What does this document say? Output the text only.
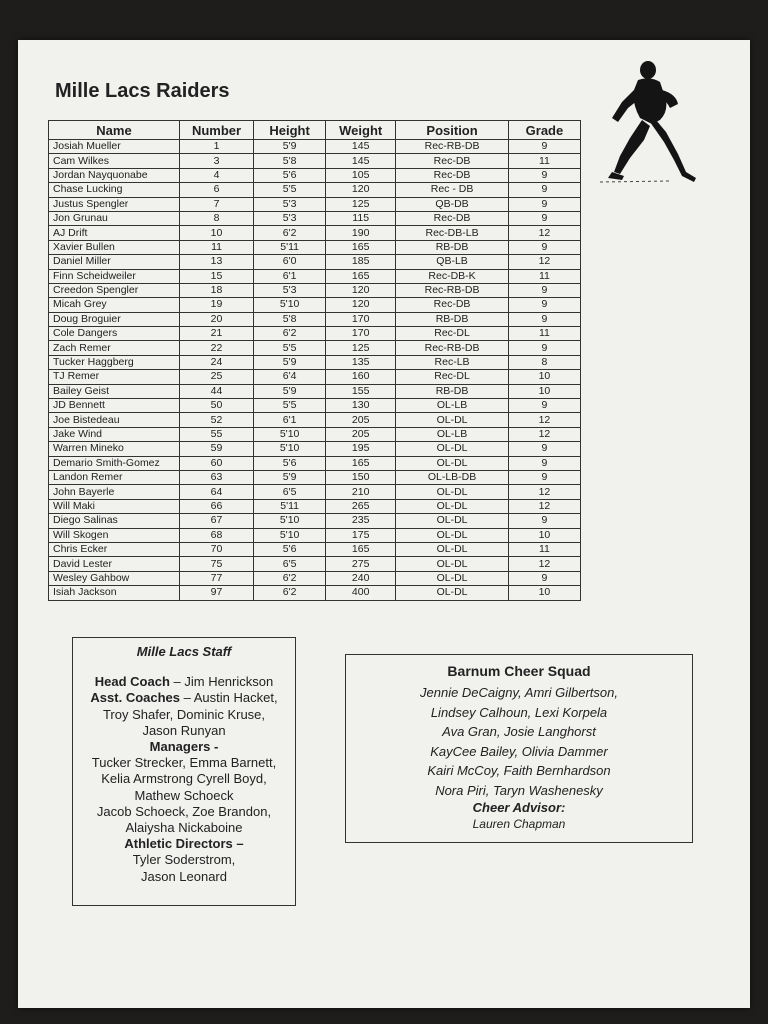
Mille Lacs Raiders
Name	Number	Height	Weight	Position	Grade
Josiah Mueller	1	5'9	145	Rec-RB-DB	9
Cam Wilkes	3	5'8	145	Rec-DB	11
Jordan Nayquonabe	4	5'6	105	Rec-DB	9
Chase Lucking	6	5'5	120	Rec - DB	9
Justus Spengler	7	5'3	125	QB-DB	9
Jon Grunau	8	5'3	115	Rec-DB	9
AJ Drift	10	6'2	190	Rec-DB-LB	12
Xavier Bullen	11	5'11	165	RB-DB	9
Daniel Miller	13	6'0	185	QB-LB	12
Finn Scheidweiler	15	6'1	165	Rec-DB-K	11
Creedon Spengler	18	5'3	120	Rec-RB-DB	9
Micah Grey	19	5'10	120	Rec-DB	9
Doug Broguier	20	5'8	170	RB-DB	9
Cole Dangers	21	6'2	170	Rec-DL	11
Zach Remer	22	5'5	125	Rec-RB-DB	9
Tucker Haggberg	24	5'9	135	Rec-LB	8
TJ Remer	25	6'4	160	Rec-DL	10
Bailey Geist	44	5'9	155	RB-DB	10
JD Bennett	50	5'5	130	OL-LB	9
Joe Bistedeau	52	6'1	205	OL-DL	12
Jake Wind	55	5'10	205	OL-LB	12
Warren Mineko	59	5'10	195	OL-DL	9
Demario Smith-Gomez	60	5'6	165	OL-DL	9
Landon Remer	63	5'9	150	OL-LB-DB	9
John Bayerle	64	6'5	210	OL-DL	12
Will Maki	66	5'11	265	OL-DL	12
Diego Salinas	67	5'10	235	OL-DL	9
Will Skogen	68	5'10	175	OL-DL	10
Chris Ecker	70	5'6	165	OL-DL	11
David Lester	75	6'5	275	OL-DL	12
Wesley Gahbow	77	6'2	240	OL-DL	9
Isiah Jackson	97	6'2	400	OL-DL	10
Mille Lacs Staff
Head Coach – Jim Henrickson
Asst. Coaches – Austin Hacket,
Troy Shafer, Dominic Kruse,
Jason Runyan
Managers -
Tucker Strecker, Emma Barnett,
Kelia Armstrong Cyrell Boyd,
Mathew Schoeck
Jacob Schoeck, Zoe Brandon,
Alaiysha Nickaboine
Athletic Directors –
Tyler Soderstrom,
Jason Leonard
Barnum Cheer Squad
Jennie DeCaigny, Amri Gilbertson,
Lindsey Calhoun, Lexi Korpela
Ava Gran, Josie Langhorst
KayCee Bailey, Olivia Dammer
Kairi McCoy, Faith Bernhardson
Nora Piri, Taryn Washenesky
Cheer Advisor:
Lauren Chapman
